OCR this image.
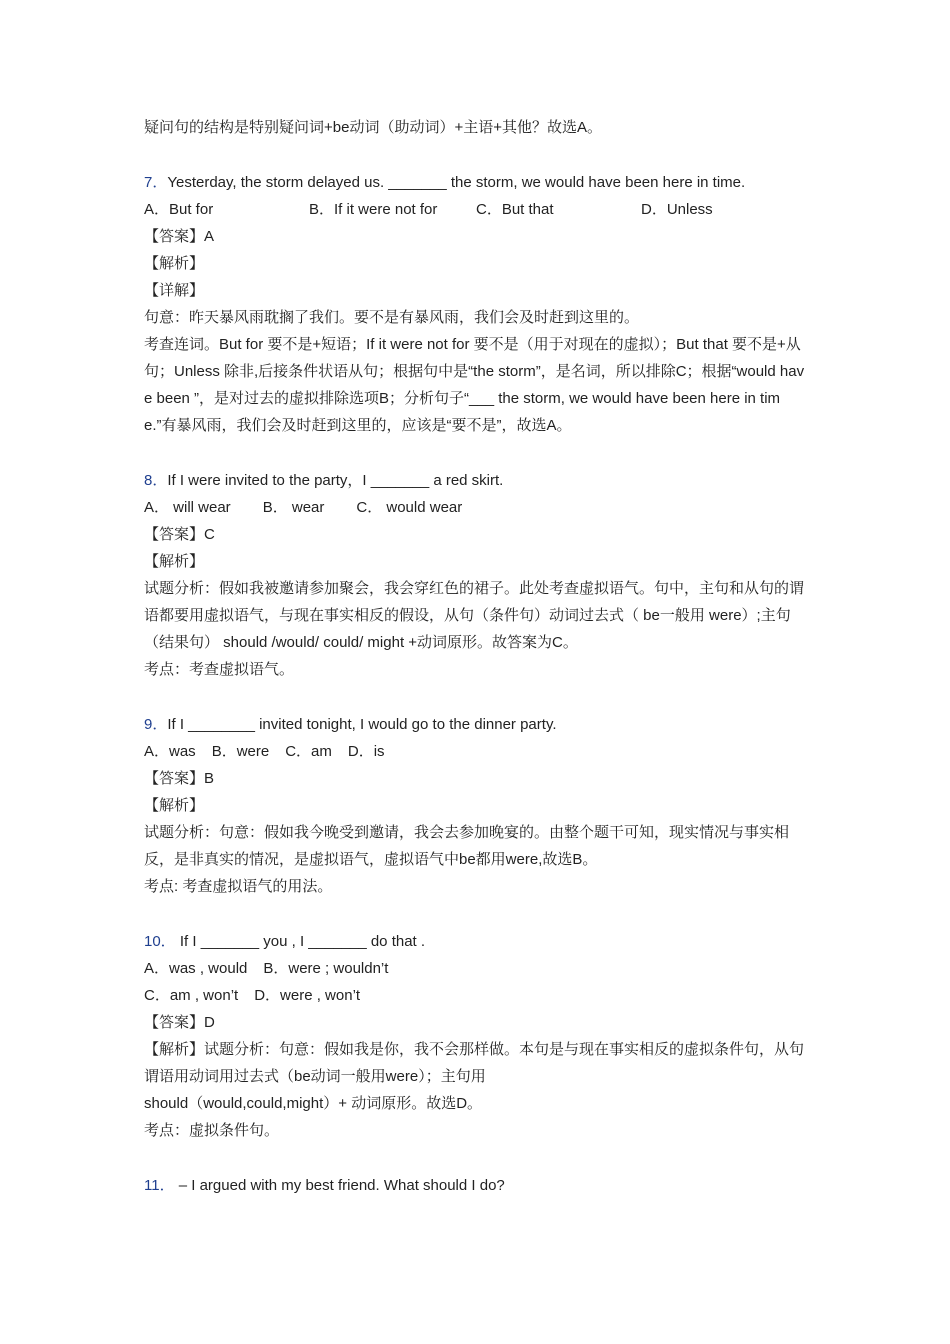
疑问句的结构是特别疑问词+be动词（助动词）+主语+其他？故选A。
7．Yesterday, the storm delayed us. _______ the storm, we would have been here in time.
A．But for	B．If it were not for	C．But that	D．Unless
【答案】A
【解析】
【详解】
句意：昨天暴风雨耽搁了我们。要不是有暴风雨，我们会及时赶到这里的。
考查连词。But for 要不是+短语；If it were not for 要不是（用于对现在的虚拟）；But that 要不是+从句；Unless 除非,后接条件状语从句；根据句中是“the storm”，是名词，所以排除C；根据“would have been ”，是对过去的虚拟排除选项B；分析句子“___ the storm, we would have been here in time.”有暴风雨，我们会及时赶到这里的，应该是“要不是”，故选A。
8．If I were invited to the party，I _______ a red skirt.
A． will wear B． wear C． would wear
【答案】C
【解析】
试题分析：假如我被邀请参加聚会，我会穿红色的裙子。此处考查虚拟语气。句中，主句和从句的谓语都要用虚拟语气，与现在事实相反的假设，从句（条件句）动词过去式（ be一般用 were）;主句（结果句） should /would/ could/ might +动词原形。故答案为C。
考点：考查虚拟语气。
9．If I ________ invited tonight, I would go to the dinner party.
A．was B．were C．am D．is
【答案】B
【解析】
试题分析：句意：假如我今晚受到邀请，我会去参加晚宴的。由整个题干可知，现实情况与事实相反，是非真实的情况，是虚拟语气，虚拟语气中be都用were,故选B。
考点: 考查虚拟语气的用法。
10． If I _______ you , I _______ do that .
A．was , would B．were ; wouldn’t
C．am , won’t D．were , won’t
【答案】D
【解析】试题分析：句意：假如我是你，我不会那样做。本句是与现在事实相反的虚拟条件句，从句谓语用动词用过去式（be动词一般用were）；主句用
should（would,could,might）+ 动词原形。故选D。
考点：虚拟条件句。
11． – I argued with my best friend. What should I do?
